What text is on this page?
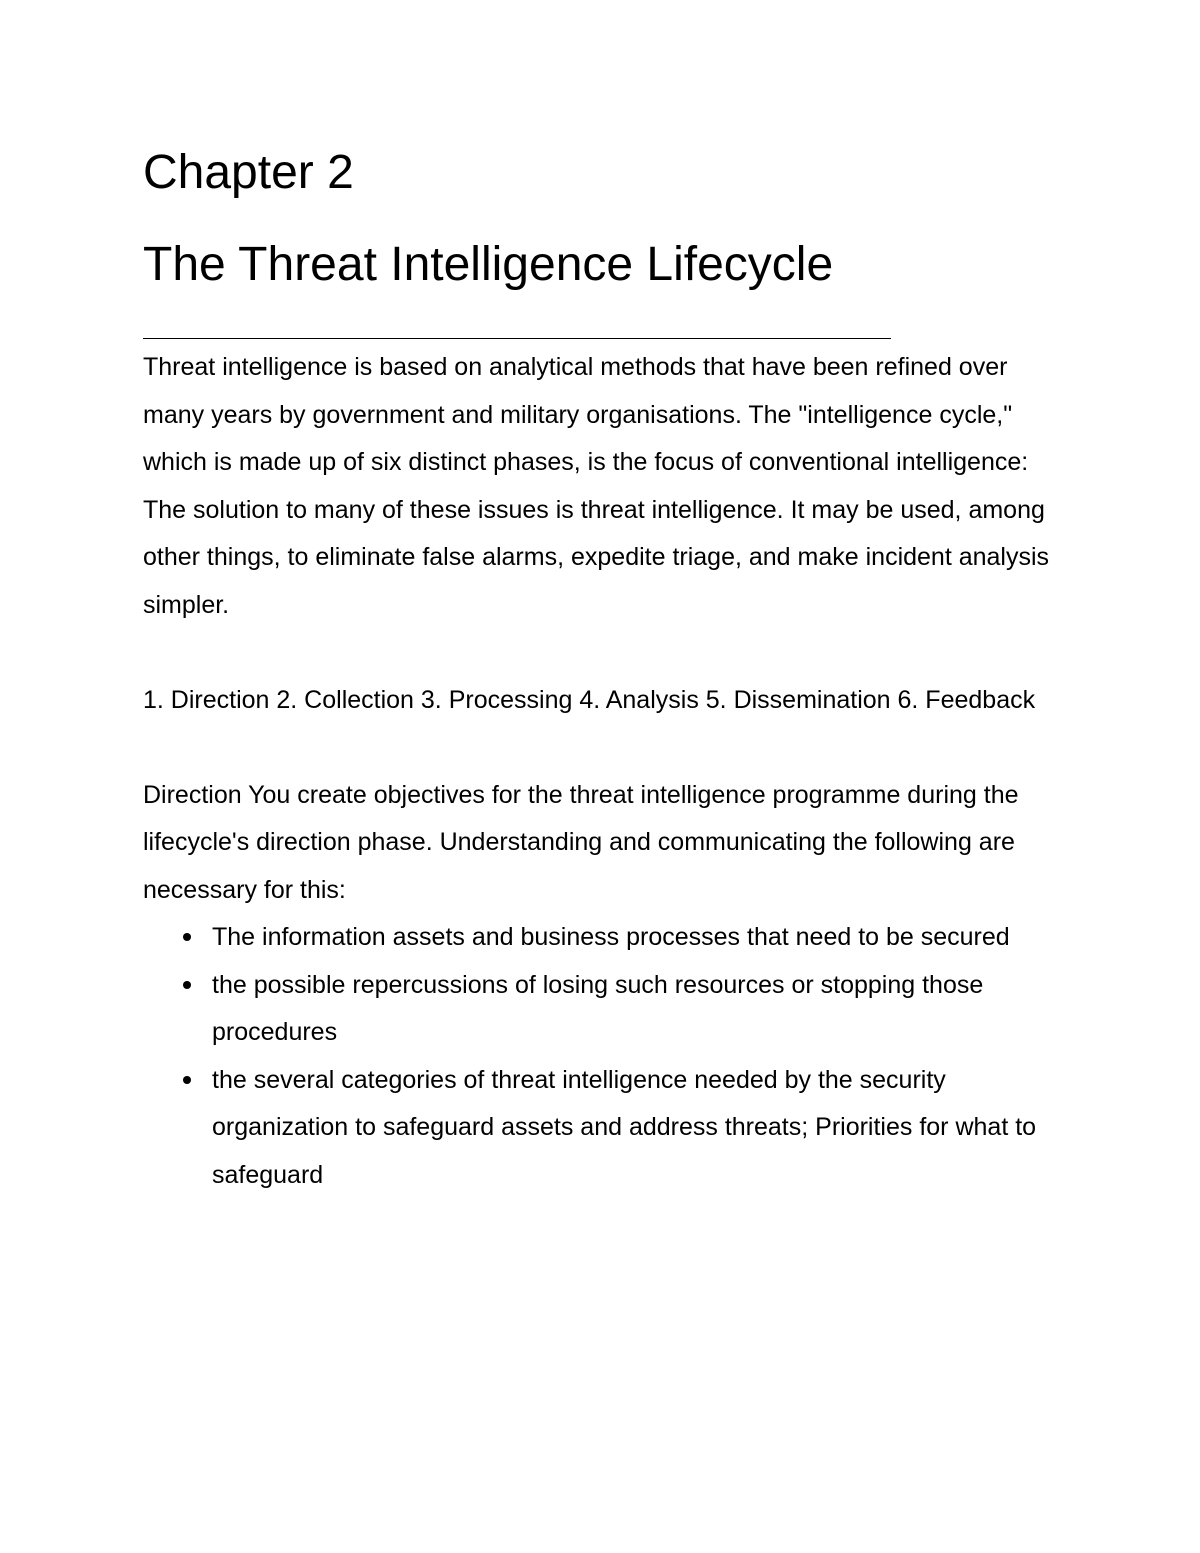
Chapter 2
The Threat Intelligence Lifecycle

Threat intelligence is based on analytical methods that have been refined over many years by government and military organisations. The "intelligence cycle," which is made up of six distinct phases, is the focus of conventional intelligence: The solution to many of these issues is threat intelligence. It may be used, among other things, to eliminate false alarms, expedite triage, and make incident analysis simpler.

1. Direction 2. Collection 3. Processing 4. Analysis 5. Dissemination 6. Feedback

Direction You create objectives for the threat intelligence programme during the lifecycle's direction phase. Understanding and communicating the following are necessary for this:

The information assets and business processes that need to be secured
the possible repercussions of losing such resources or stopping those procedures
the several categories of threat intelligence needed by the security organization to safeguard assets and address threats; Priorities for what to safeguard
